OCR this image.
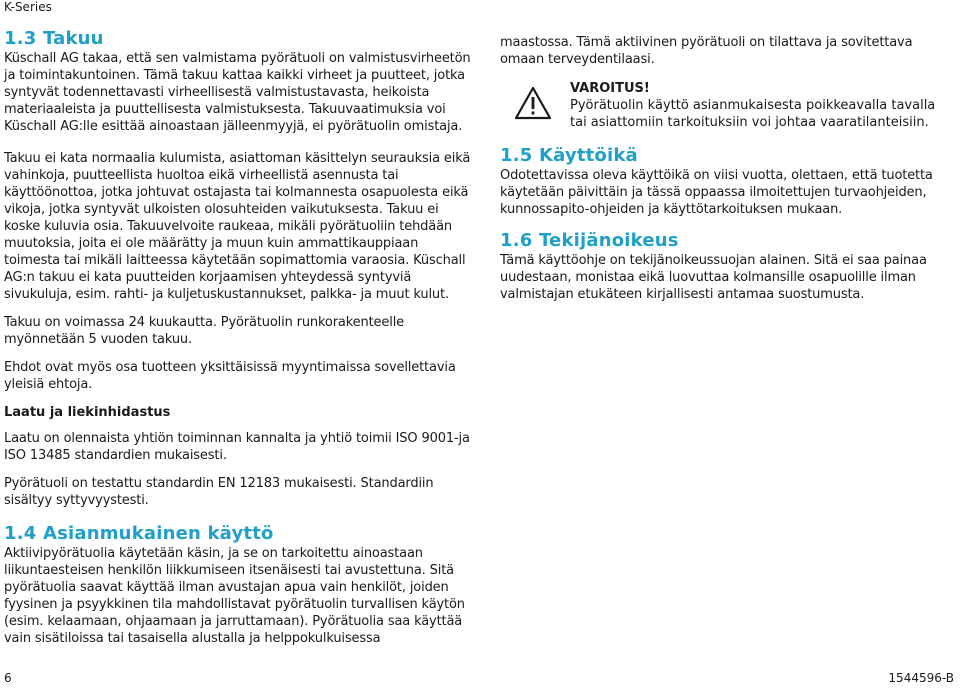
K-Series
1.3 Takuu

Küschall AG takaa, että sen valmistama pyörätuoli on valmistusvirheetön ja toimintakuntoinen. Tämä takuu kattaa kaikki virheet ja puutteet, jotka syntyvät todennettavasti virheellisestä valmistustavasta, heikoista materiaaleista ja puuttellisesta valmistuksesta. Takuuvaatimuksia voi Küschall AG:lle esittää ainoastaan jälleenmyyjä, ei pyörätuolin omistaja.

Takuu ei kata normaalia kulumista, asiattoman käsittelyn seurauksia eikä vahinkoja, puutteellista huoltoa eikä virheellistä asennusta tai käyttöönottoa, jotka johtuvat ostajasta tai kolmannesta osapuolesta eikä vikoja, jotka syntyvät ulkoisten olosuhteiden vaikutuksesta. Takuu ei koske kuluvia osia. Takuuvelvoite raukeaa, mikäli pyörätuoliin tehdään muutoksia, joita ei ole määrätty ja muun kuin ammattikauppiaan toimesta tai mikäli laitteessa käytetään sopimattomia varaosia. Küschall AG:n takuu ei kata puutteiden korjaamisen yhteydessä syntyviä sivukuluja, esim. rahti- ja kuljetuskustannukset, palkka- ja muut kulut.

Takuu on voimassa 24 kuukautta. Pyörätuolin runkorakenteelle myönnetään 5 vuoden takuu.

Ehdot ovat myös osa tuotteen yksittäisissä myyntimaissa sovellettavia yleisiä ehtoja.

Laatu ja liekinhidastus

Laatu on olennaista yhtiön toiminnan kannalta ja yhtiö toimii ISO 9001-ja ISO 13485 standardien mukaisesti.

Pyörätuoli on testattu standardin EN 12183 mukaisesti. Standardiin sisältyy syttyvyystesti.

1.4 Asianmukainen käyttö

Aktiivipyörätuolia käytetään käsin, ja se on tarkoitettu ainoastaan liikuntaesteisen henkilön liikkumiseen itsenäisesti tai avustettuna. Sitä pyörätuolia saavat käyttää ilman avustajan apua vain henkilöt, joiden fyysinen ja psyykkinen tila mahdollistavat pyörätuolin turvallisen käytön (esim. kelaamaan, ohjaamaan ja jarruttamaan). Pyörätuolia saa käyttää vain sisätiloissa tai tasaisella alustalla ja helppokulkuisessa

maastossa. Tämä aktiivinen pyörätuoli on tilattava ja sovitettava omaan terveydentilaasi.

VAROITUS!
Pyörätuolin käyttö asianmukaisesta poikkeavalla tavalla tai asiattomiin tarkoituksiin voi johtaa vaaratilanteisiin.
1.5 Käyttöikä

Odotettavissa oleva käyttöikä on viisi vuotta, olettaen, että tuotetta käytetään päivittäin ja tässä oppaassa ilmoitettujen turvaohjeiden, kunnossapito-ohjeiden ja käyttötarkoituksen mukaan.

1.6 Tekijänoikeus

Tämä käyttöohje on tekijänoikeussuojan alainen. Sitä ei saa painaa uudestaan, monistaa eikä luovuttaa kolmansille osapuolille ilman valmistajan etukäteen kirjallisesti antamaa suostumusta.

6	1544596-B
